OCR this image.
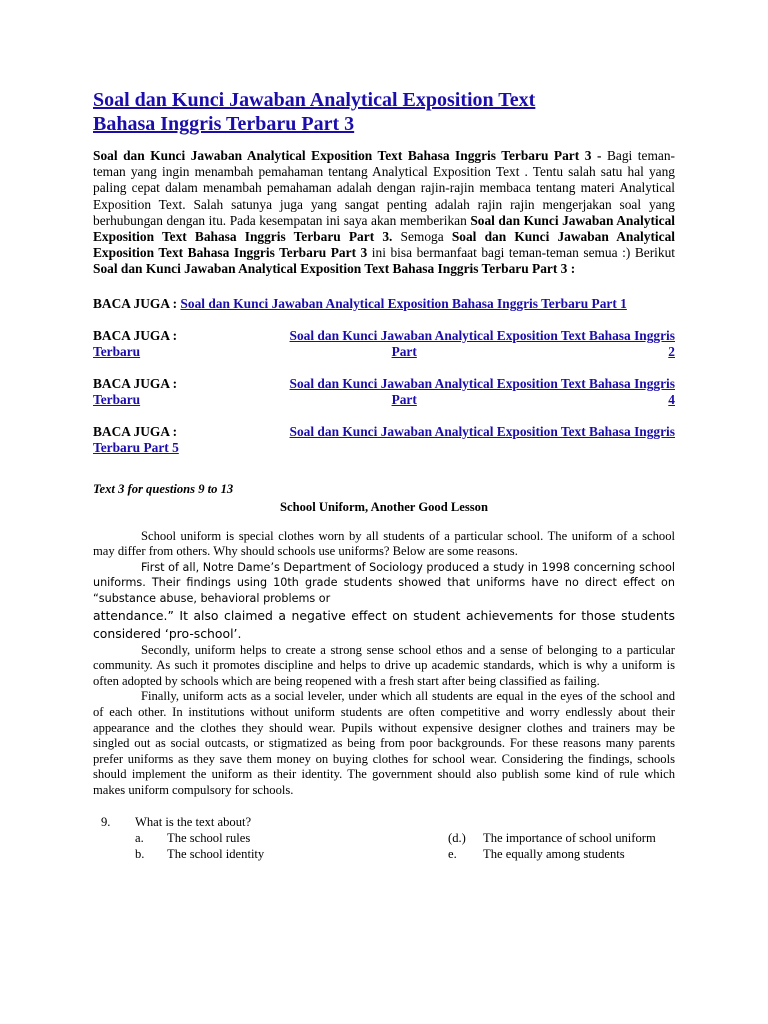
Soal dan Kunci Jawaban Analytical Exposition Text
Bahasa Inggris Terbaru Part 3
Soal dan Kunci Jawaban Analytical Exposition Text Bahasa Inggris Terbaru Part 3 - Bagi teman-teman yang ingin menambah pemahaman tentang Analytical Exposition Text . Tentu salah satu hal yang paling cepat dalam menambah pemahaman adalah dengan rajin-rajin membaca tentang materi Analytical Exposition Text. Salah satunya juga yang sangat penting adalah rajin rajin mengerjakan soal yang berhubungan dengan itu. Pada kesempatan ini saya akan memberikan Soal dan Kunci Jawaban Analytical Exposition Text Bahasa Inggris Terbaru Part 3. Semoga Soal dan Kunci Jawaban Analytical Exposition Text Bahasa Inggris Terbaru Part 3 ini bisa bermanfaat bagi teman-teman semua :) Berikut Soal dan Kunci Jawaban Analytical Exposition Text Bahasa Inggris Terbaru Part 3 :
BACA JUGA : Soal dan Kunci Jawaban Analytical Exposition Bahasa Inggris Terbaru Part 1
BACA JUGA :	Soal dan Kunci Jawaban Analytical Exposition Text Bahasa Inggris
Terbaru	Part	2
BACA JUGA :	Soal dan Kunci Jawaban Analytical Exposition Text Bahasa Inggris
Terbaru	Part	4
BACA JUGA :	Soal dan Kunci Jawaban Analytical Exposition Text Bahasa Inggris
Terbaru Part 5
Text 3 for questions 9 to 13
School Uniform, Another Good Lesson

School uniform is special clothes worn by all students of a particular school. The uniform of a school may differ from others. Why should schools use uniforms? Below are some reasons.

First of all, Notre Dame’s Department of Sociology produced a study in 1998 concerning school uniforms. Their findings using 10th grade students showed that uniforms have no direct effect on “substance abuse, behavioral problems or

attendance.” It also claimed a negative effect on student achievements for those students considered ‘pro-school’.

Secondly, uniform helps to create a strong sense school ethos and a sense of belonging to a particular community. As such it promotes discipline and helps to drive up academic standards, which is why a uniform is often adopted by schools which are being reopened with a fresh start after being classified as failing.

Finally, uniform acts as a social leveler, under which all students are equal in the eyes of the school and of each other. In institutions without uniform students are often competitive and worry endlessly about their appearance and the clothes they should wear. Pupils without expensive designer clothes and trainers may be singled out as social outcasts, or stigmatized as being from poor backgrounds. For these reasons many parents prefer uniforms as they save them money on buying clothes for school wear. Considering the findings, schools should implement the uniform as their identity. The government should also publish some kind of rule which makes uniform compulsory for schools.

9. What is the text about?
a. The school rules
b. The school identity
(d.) The importance of school uniform
e. The equally among students
